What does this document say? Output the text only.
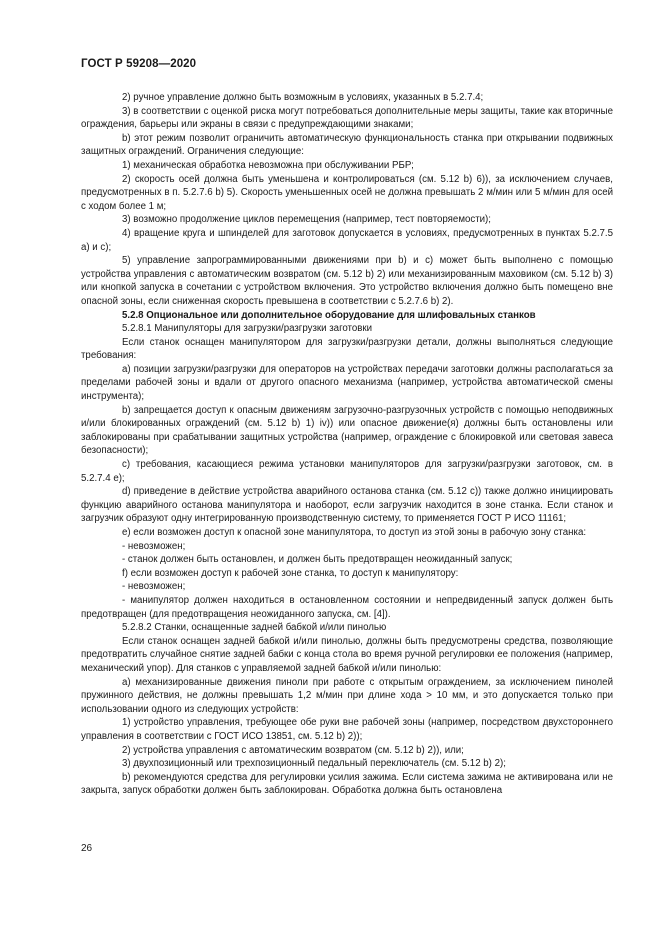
ГОСТ Р 59208—2020

2) ручное управление должно быть возможным в условиях, указанных в 5.2.7.4;

3) в соответствии с оценкой риска могут потребоваться дополнительные меры защиты, такие как вторичные ограждения, барьеры или экраны в связи с предупреждающими знаками;

b) этот режим позволит ограничить автоматическую функциональность станка при открывании подвижных защитных ограждений. Ограничения следующие:

1) механическая обработка невозможна при обслуживании РБР;

2) скорость осей должна быть уменьшена и контролироваться (см. 5.12 b) 6)), за исключением случаев, предусмотренных в п. 5.2.7.6 b) 5). Скорость уменьшенных осей не должна превышать 2 м/мин или 5 м/мин для осей с ходом более 1 м;

3) возможно продолжение циклов перемещения (например, тест повторяемости);

4) вращение круга и шпинделей для заготовок допускается в условиях, предусмотренных в пунктах 5.2.7.5 a) и c);

5) управление запрограммированными движениями при b) и c) может быть выполнено с помощью устройства управления с автоматическим возвратом (см. 5.12 b) 2) или механизированным маховиком (см. 5.12 b) 3) или кнопкой запуска в сочетании с устройством включения. Это устройство включения должно быть помещено вне опасной зоны, если сниженная скорость превышена в соответствии с 5.2.7.6 b) 2).

5.2.8 Опциональное или дополнительное оборудование для шлифовальных станков

5.2.8.1 Манипуляторы для загрузки/разгрузки заготовки

Если станок оснащен манипулятором для загрузки/разгрузки детали, должны выполняться следующие требования:

a) позиции загрузки/разгрузки для операторов на устройствах передачи заготовки должны располагаться за пределами рабочей зоны и вдали от другого опасного механизма (например, устройства автоматической смены инструмента);

b) запрещается доступ к опасным движениям загрузочно-разгрузочных устройств с помощью неподвижных и/или блокированных ограждений (см. 5.12 b) 1) iv)) или опасное движение(я) должны быть остановлены или заблокированы при срабатывании защитных устройства (например, ограждение с блокировкой или световая завеса безопасности);

c) требования, касающиеся режима установки манипуляторов для загрузки/разгрузки заготовок, см. в 5.2.7.4 e);

d) приведение в действие устройства аварийного останова станка (см. 5.12 c)) также должно инициировать функцию аварийного останова манипулятора и наоборот, если загрузчик находится в зоне станка. Если станок и загрузчик образуют одну интегрированную производственную систему, то применяется ГОСТ Р ИСО 11161;

e) если возможен доступ к опасной зоне манипулятора, то доступ из этой зоны в рабочую зону станка:

- невозможен;

- станок должен быть остановлен, и должен быть предотвращен неожиданный запуск;

f) если возможен доступ к рабочей зоне станка, то доступ к манипулятору:

- невозможен;

- манипулятор должен находиться в остановленном состоянии и непредвиденный запуск должен быть предотвращен (для предотвращения неожиданного запуска, см. [4]).

5.2.8.2 Станки, оснащенные задней бабкой и/или пинолью

Если станок оснащен задней бабкой и/или пинолью, должны быть предусмотрены средства, позволяющие предотвратить случайное снятие задней бабки с конца стола во время ручной регулировки ее положения (например, механический упор). Для станков с управляемой задней бабкой и/или пинолью:

a) механизированные движения пиноли при работе с открытым ограждением, за исключением пинолей пружинного действия, не должны превышать 1,2 м/мин при длине хода > 10 мм, и это допускается только при использовании одного из следующих устройств:

1) устройство управления, требующее обе руки вне рабочей зоны (например, посредством двухстороннего управления в соответствии с ГОСТ ИСО 13851, см. 5.12 b) 2));

2) устройства управления с автоматическим возвратом (см. 5.12 b) 2)), или;

3) двухпозиционный или трехпозиционный педальный переключатель (см. 5.12 b) 2);

b) рекомендуются средства для регулировки усилия зажима. Если система зажима не активирована или не закрыта, запуск обработки должен быть заблокирован. Обработка должна быть остановлена

26
